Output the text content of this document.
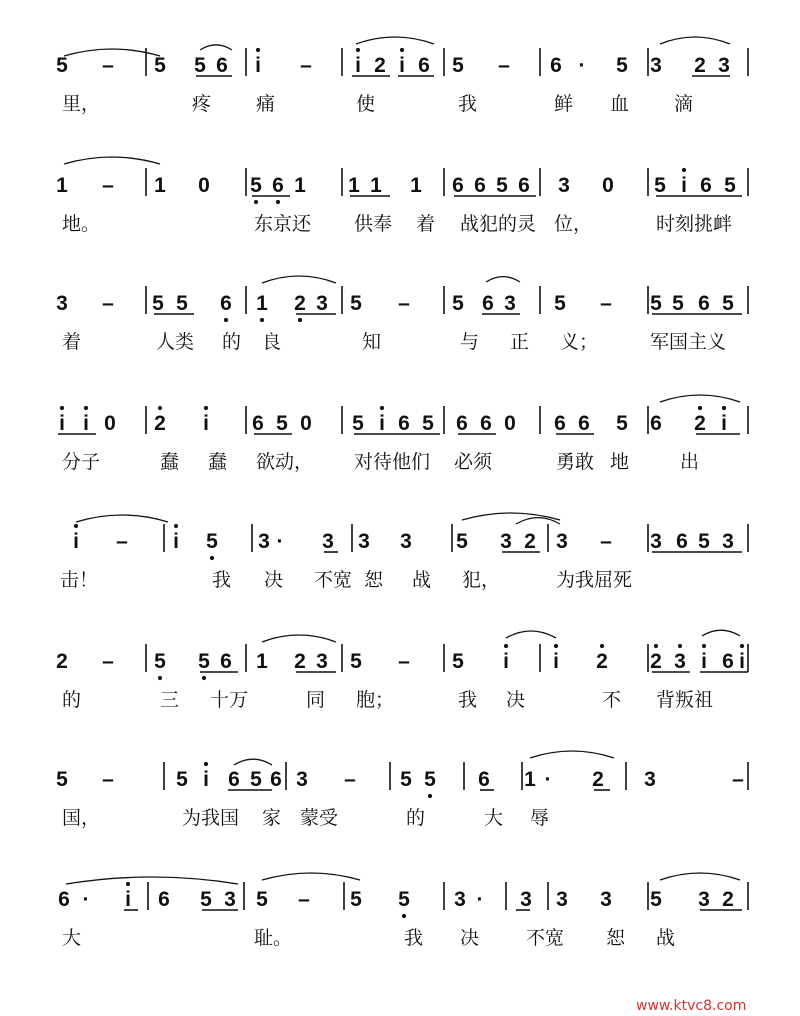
5 – 5 5 6 i – i 2 i 6 5 – 6 · 5 3 2 3
1 – 1 0 5 6 1 1 1 1 6 6 5 6 3 0 5 i 6 5
3 – 5 5 6 1 2 3 5 – 5 6 3 5 – 5 5 6 5
i i 0 2 i 6 5 0 5 i 6 5 6 6 0 6 6 5 6 2 i
i – i 5 3 · 3 3 3 5 3 2 3 – 3 6 5 3
2 – 5 5 6 1 2 3 5 – 5 i i 2 2 3 i 6 i
5 –	5 i 6 5 6 3 – 5 5 6 1 · 2 3	–
6 · i 6 5 3 5 – 5 5 3 · 3 3 3 5 3 2
里，	疼 痛	使	我	鲜 血 滴
地。	东京还 供奉 着 战犯的灵 位，	时刻挑衅
着	人类 的 良	知	与 正 义；	军国主义
分子	蠢 蠢 欲动， 对待他们 必须	勇敢 地	出
击！	我 决 不宽 恕 战 犯，	为我屈死
的	三 十万	同 胞；	我 决	不 背叛祖
国，	为我国 家 蒙受	的	大 辱
大	耻。	我 决 不宽 恕 战
www.ktvc8.com
